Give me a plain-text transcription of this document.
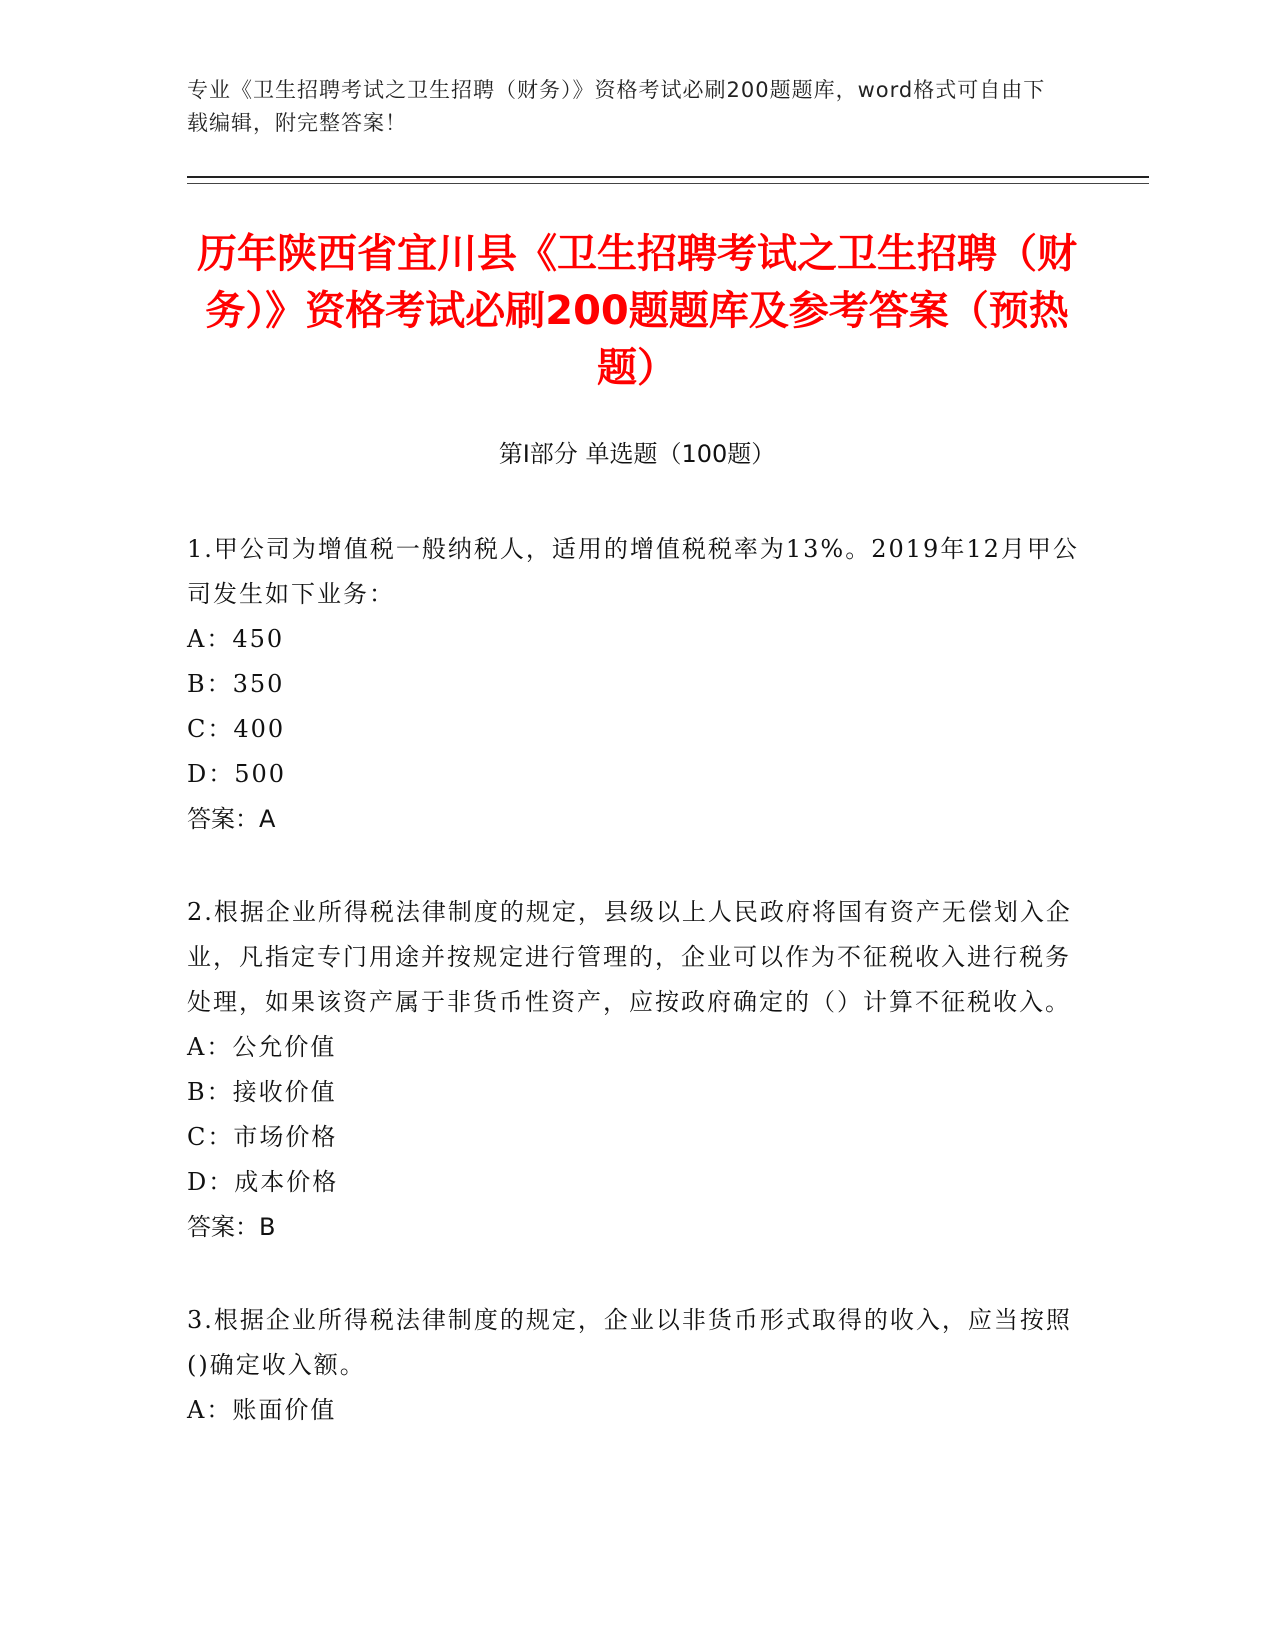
专业《卫生招聘考试之卫生招聘（财务）》资格考试必刷200题题库，word格式可自由下载编辑，附完整答案！
历年陕西省宜川县《卫生招聘考试之卫生招聘（财务）》资格考试必刷200题题库及参考答案（预热题）
第Ⅰ部分 单选题（100题）
1.甲公司为增值税一般纳税人，适用的增值税税率为13%。2019年12月甲公司发生如下业务：
A：450
B：350
C：400
D：500
答案：A
2.根据企业所得税法律制度的规定，县级以上人民政府将国有资产无偿划入企业，凡指定专门用途并按规定进行管理的，企业可以作为不征税收入进行税务处理，如果该资产属于非货币性资产，应按政府确定的（）计算不征税收入。
A：公允价值
B：接收价值
C：市场价格
D：成本价格
答案：B
3.根据企业所得税法律制度的规定，企业以非货币形式取得的收入，应当按照()确定收入额。
A：账面价值
